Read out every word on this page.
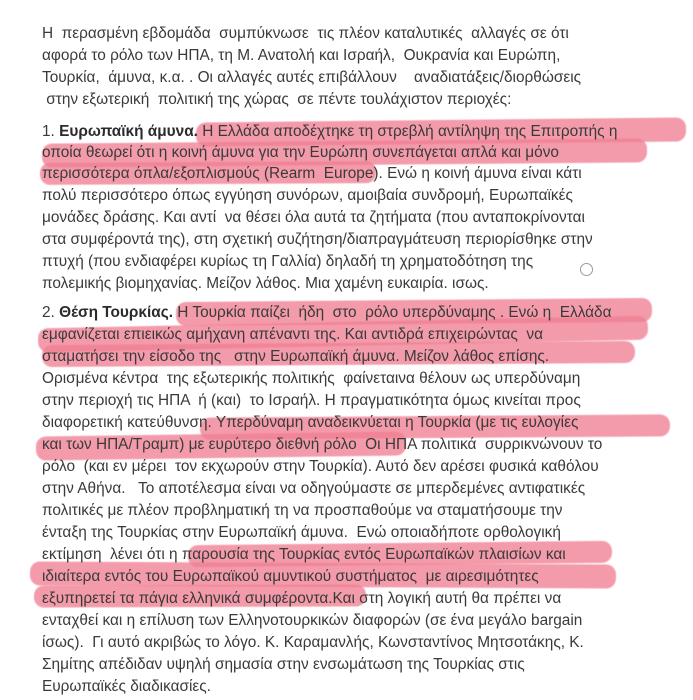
Η  περασμένη εβδομάδα  συμπύκνωσε  τις πλέον καταλυτικές  αλλαγές σε ότι
αφορά το ρόλο των ΗΠΑ, τη Μ. Ανατολή και Ισραήλ,  Ουκρανία και Ευρώπη,
Τουρκία,  άμυνα, κ.α. . Οι αλλαγές αυτές επιβάλλουν    αναδιατάξεις/διορθώσεις
στην εξωτερική  πολιτική της χώρας  σε πέντε τουλάχιστον περιοχές:
1. Ευρωπαϊκή άμυνα. Η Ελλάδα αποδέχτηκε τη στρεβλή αντίληψη της Επιτροπής η
οποία θεωρεί ότι η κοινή άμυνα για την Ευρώπη συνεπάγεται απλά και μόνο
περισσότερα όπλα/εξοπλισμούς (Rearm  Europe). Ενώ η κοινή άμυνα είναι κάτι
πολύ περισσότερο όπως εγγύηση συνόρων, αμοιβαία συνδρομή, Ευρωπαϊκές
μονάδες δράσης. Και αντί  να θέσει όλα αυτά τα ζητήματα (που ανταποκρίνονται
στα συμφέροντά της), στη σχετική συζήτηση/διαπραγμάτευση περιορίσθηκε στην
πτυχή (που ενδιαφέρει κυρίως τη Γαλλία) δηλαδή τη χρηματοδότηση της
πολεμικής βιομηχανίας. Μείζον λάθος. Μια χαμένη ευκαιρία. ισως.
2. Θέση Τουρκίας. Η Τουρκία παίζει  ήδη  στο  ρόλο υπερδύναμης . Ενώ η  Ελλάδα
εμφανίζεται επιεικώς αμήχανη απέναντι της. Και αντιδρά επιχειρώντας  να
σταματήσει την είσοδο της   στην Ευρωπαϊκή άμυνα. Μείζον λάθος επίσης.
Ορισμένα κέντρα  της εξωτερικής πολιτικής  φαίνεταινα θέλουν ως υπερδύναμη
στην περιοχή τις ΗΠΑ  ή (και)  το Ισραήλ. Η πραγματικότητα όμως κινείται προς
διαφορετική κατεύθυνση. Υπερδύναμη αναδεικνύεται η Τουρκία (με τις ευλογίες
και των ΗΠΑ/Τραμπ) με ευρύτερο διεθνή ρόλο  Οι ΗΠΑ πολιτικά  συρρικνώνουν το
ρόλο  (και εν μέρει  τον εκχωρούν στην Τουρκία). Αυτό δεν αρέσει φυσικά καθόλου
στην Αθήνα.   Το αποτέλεσμα είναι να οδηγούμαστε σε μπερδεμένες αντιφατικές
πολιτικές με πλέον προβληματική τη να προσπαθούμε να σταματήσουμε την
ένταξη της Τουρκίας στην Ευρωπαϊκή άμυνα.  Ενώ οποιαδήποτε ορθολογική
εκτίμηση  λένει ότι η παρουσία της Τουρκίας εντός Ευρωπαϊκών πλαισίων και
ιδιαίτερα εντός του Ευρωπαϊκού αμυντικού συστήματος  με αιρεσιμότητες
εξυπηρετεί τα πάγια ελληνικά συμφέροντα.Και στη λογική αυτή θα πρέπει να
ενταχθεί και η επίλυση των Ελληνοτουρκικών διαφορών (σε ένα μεγάλο bargain
ίσως).  Γι αυτό ακριβώς το λόγο. Κ. Καραμανλής, Κωνσταντίνος Μητσοτάκης, Κ.
Σημίτης απέδιδαν υψηλή σημασία στην ενσωμάτωση της Τουρκίας στις
Ευρωπαϊκές διαδικασίες.
